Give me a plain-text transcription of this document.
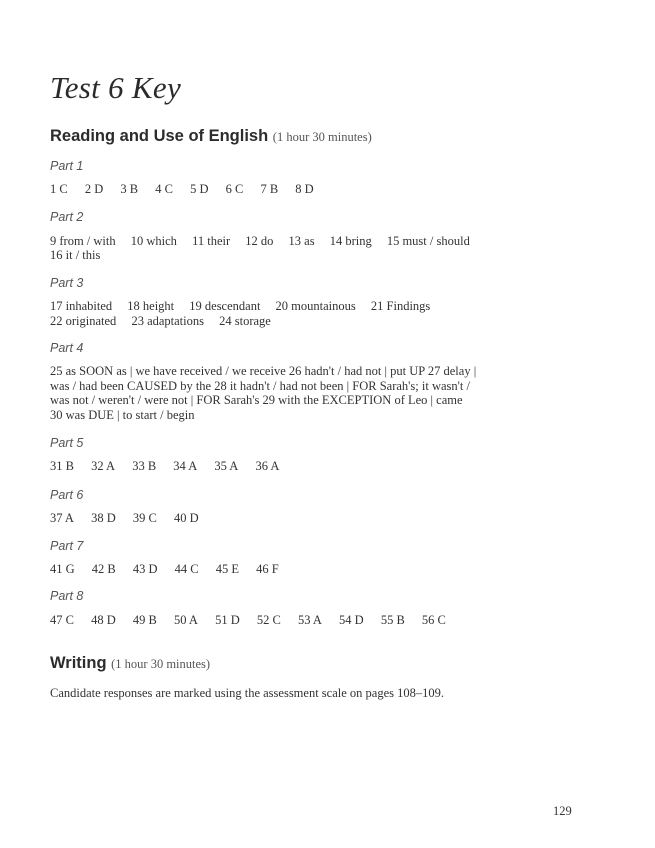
Test 6 Key
Reading and Use of English (1 hour 30 minutes)
Part 1
1 C 2 D 3 B 4 C 5 D 6 C 7 B 8 D
Part 2
9 from / with 10 which 11 their 12 do 13 as 14 bring 15 must / should
16 it / this
Part 3
17 inhabited 18 height 19 descendant 20 mountainous 21 Findings
22 originated 23 adaptations 24 storage
Part 4
25 as SOON as | we have received / we receive 26 hadn't / had not | put UP 27 delay |
was / had been CAUSED by the 28 it hadn't / had not been | FOR Sarah's; it wasn't /
was not / weren't / were not | FOR Sarah's 29 with the EXCEPTION of Leo | came
30 was DUE | to start / begin
Part 5
31 B 32 A 33 B 34 A 35 A 36 A
Part 6
37 A 38 D 39 C 40 D
Part 7
41 G 42 B 43 D 44 C 45 E 46 F
Part 8
47 C 48 D 49 B 50 A 51 D 52 C 53 A 54 D 55 B 56 C
Writing (1 hour 30 minutes)
Candidate responses are marked using the assessment scale on pages 108–109.
129
